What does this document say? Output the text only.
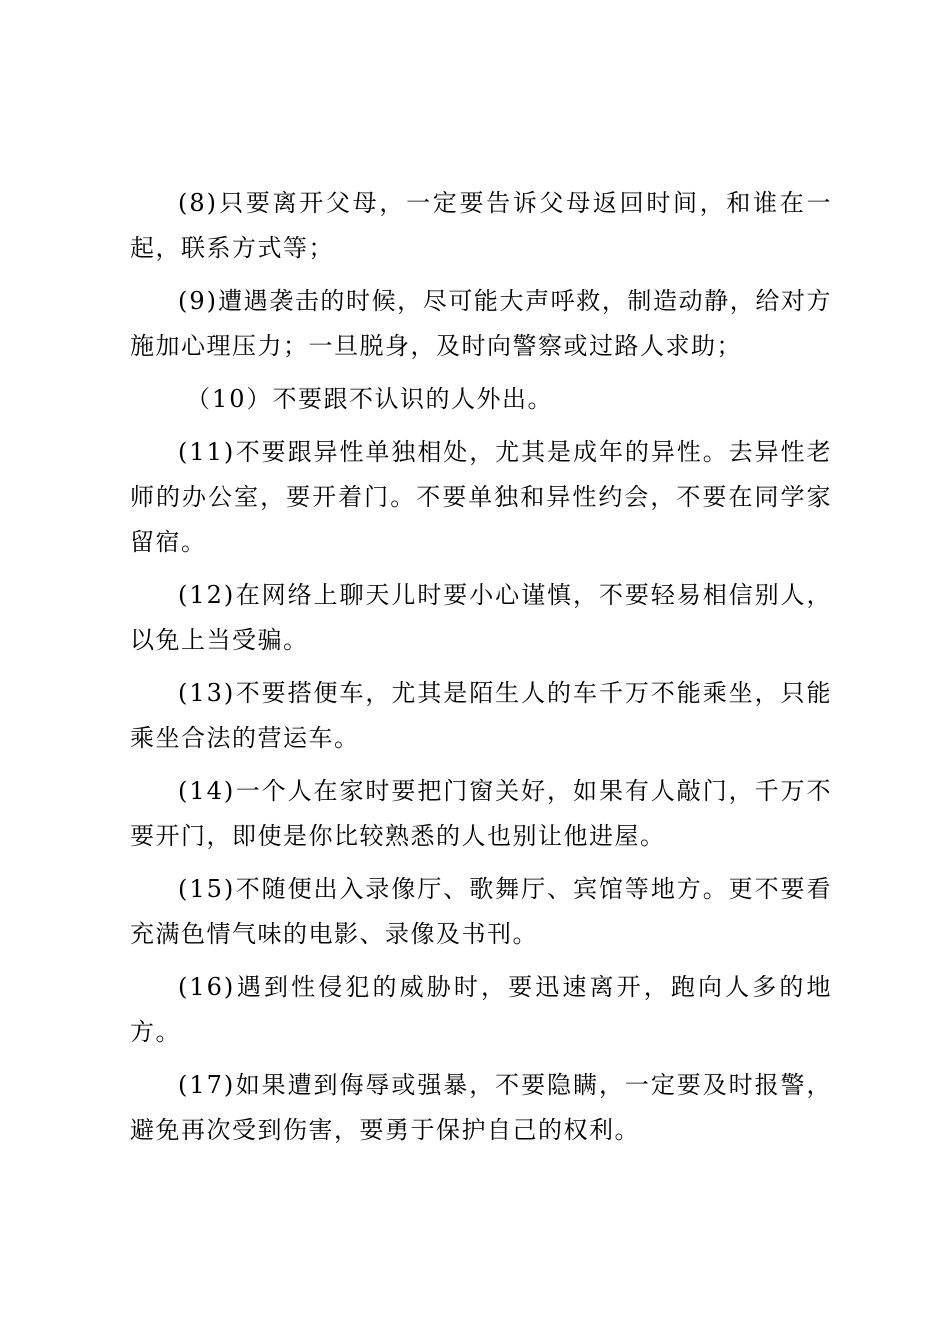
(8)只要离开父母，一定要告诉父母返回时间，和谁在一起，联系方式等；

(9)遭遇袭击的时候，尽可能大声呼救，制造动静，给对方施加心理压力；一旦脱身，及时向警察或过路人求助；

（10）不要跟不认识的人外出。

(11)不要跟异性单独相处，尤其是成年的异性。去异性老师的办公室，要开着门。不要单独和异性约会，不要在同学家留宿。

(12)在网络上聊天儿时要小心谨慎，不要轻易相信别人，以免上当受骗。

(13)不要搭便车，尤其是陌生人的车千万不能乘坐，只能乘坐合法的营运车。

(14)一个人在家时要把门窗关好，如果有人敲门，千万不要开门，即使是你比较熟悉的人也别让他进屋。

(15)不随便出入录像厅、歌舞厅、宾馆等地方。更不要看充满色情气味的电影、录像及书刊。

(16)遇到性侵犯的威胁时，要迅速离开，跑向人多的地方。

(17)如果遭到侮辱或强暴，不要隐瞒，一定要及时报警，避免再次受到伤害，要勇于保护自己的权利。
